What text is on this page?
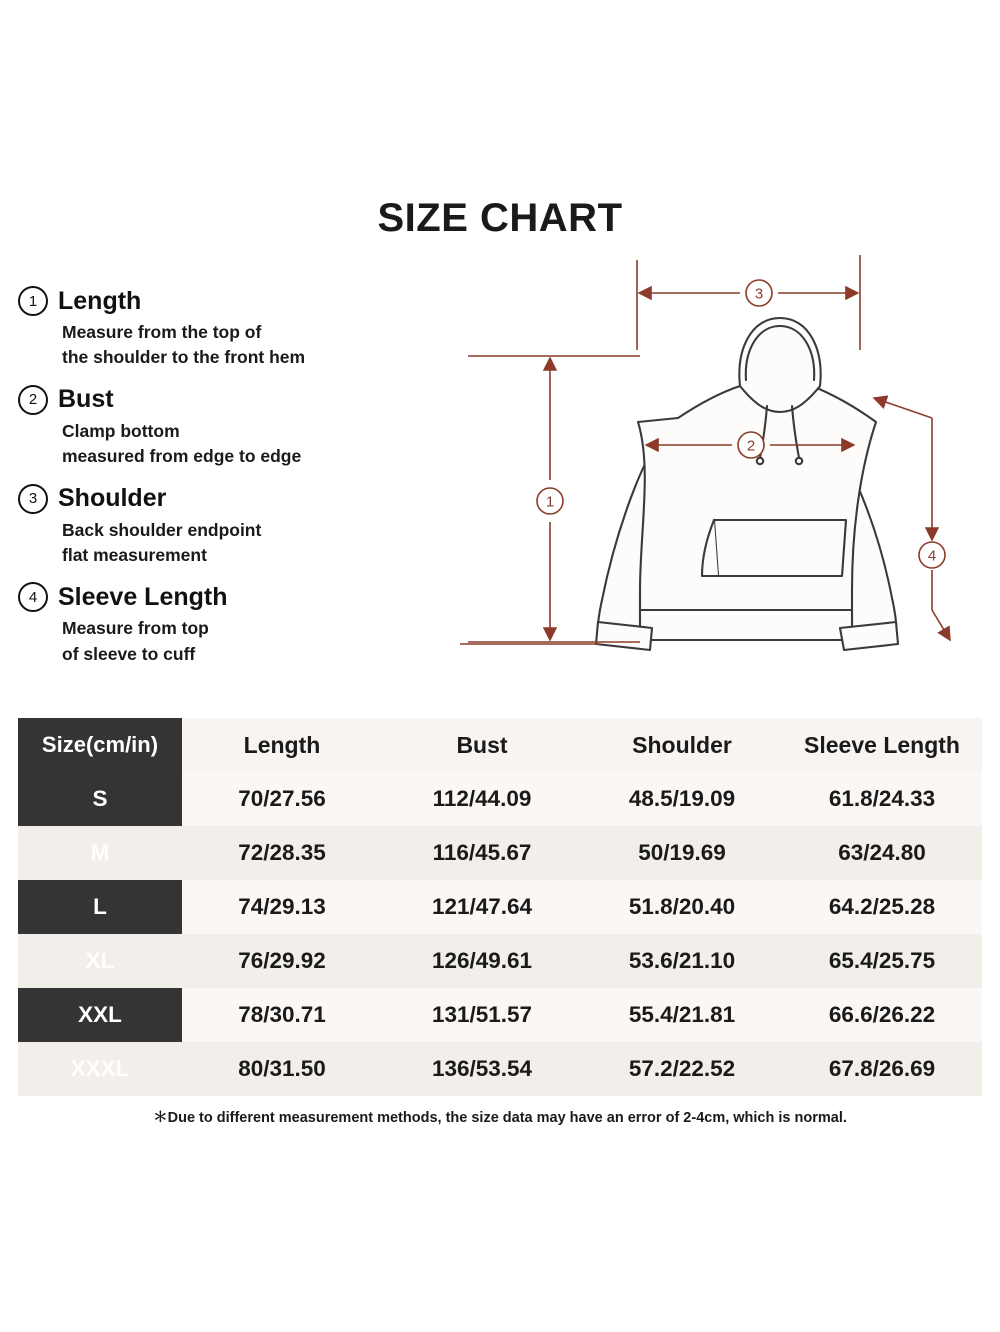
SIZE CHART
1 Length
Measure from the top of
the shoulder to the front hem
2 Bust
Clamp bottom
measured from edge to edge
3 Shoulder
Back shoulder endpoint
flat measurement
4 Sleeve Length
Measure from top
of sleeve to cuff
3
1
2
4
Size(cm/in)	Length	Bust	Shoulder	Sleeve Length
S	70/27.56	112/44.09	48.5/19.09	61.8/24.33
M	72/28.35	116/45.67	50/19.69	63/24.80
L	74/29.13	121/47.64	51.8/20.40	64.2/25.28
XL	76/29.92	126/49.61	53.6/21.10	65.4/25.75
XXL	78/30.71	131/51.57	55.4/21.81	66.6/26.22
XXXL	80/31.50	136/53.54	57.2/22.52	67.8/26.69
＊Due to different measurement methods, the size data may have an error of 2-4cm, which is normal.
